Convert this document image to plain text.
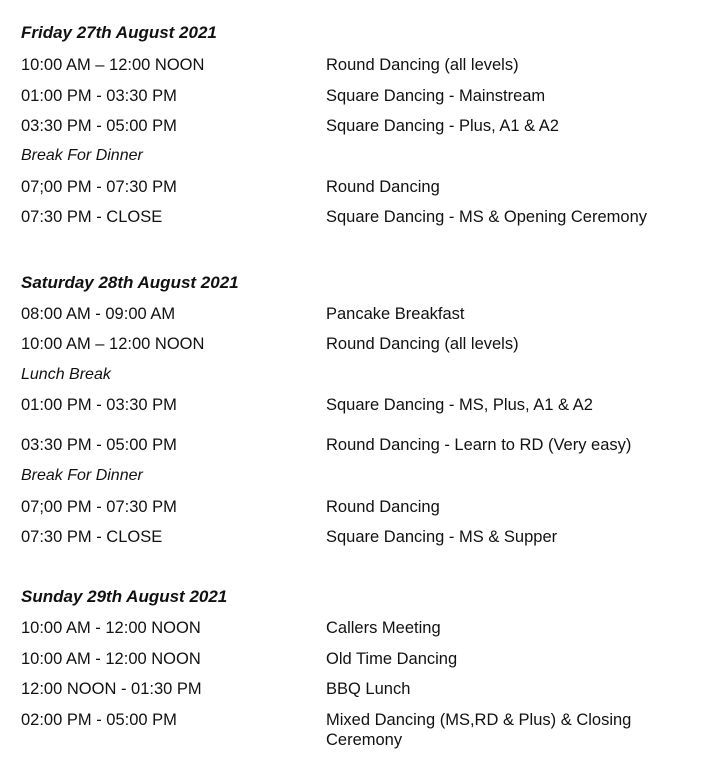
Friday 27th August 2021
10:00 AM – 12:00 NOON	Round Dancing (all levels)
01:00 PM - 03:30 PM	Square Dancing - Mainstream
03:30 PM - 05:00 PM	Square Dancing - Plus, A1 & A2
Break For Dinner
07;00 PM - 07:30 PM	Round Dancing
07:30 PM - CLOSE	Square Dancing - MS & Opening Ceremony
Saturday 28th August 2021
08:00 AM - 09:00 AM	Pancake Breakfast
10:00 AM – 12:00 NOON	Round Dancing (all levels)
Lunch Break
01:00 PM - 03:30 PM	Square Dancing - MS, Plus, A1 & A2
03:30 PM - 05:00 PM	Round Dancing - Learn to RD (Very easy)
Break For Dinner
07;00 PM - 07:30 PM	Round Dancing
07:30 PM - CLOSE	Square Dancing - MS & Supper
Sunday 29th August 2021
10:00 AM - 12:00 NOON	Callers Meeting
10:00 AM - 12:00 NOON	Old Time Dancing
12:00 NOON - 01:30 PM	BBQ Lunch
02:00 PM - 05:00 PM	Mixed Dancing (MS,RD & Plus) & Closing Ceremony
